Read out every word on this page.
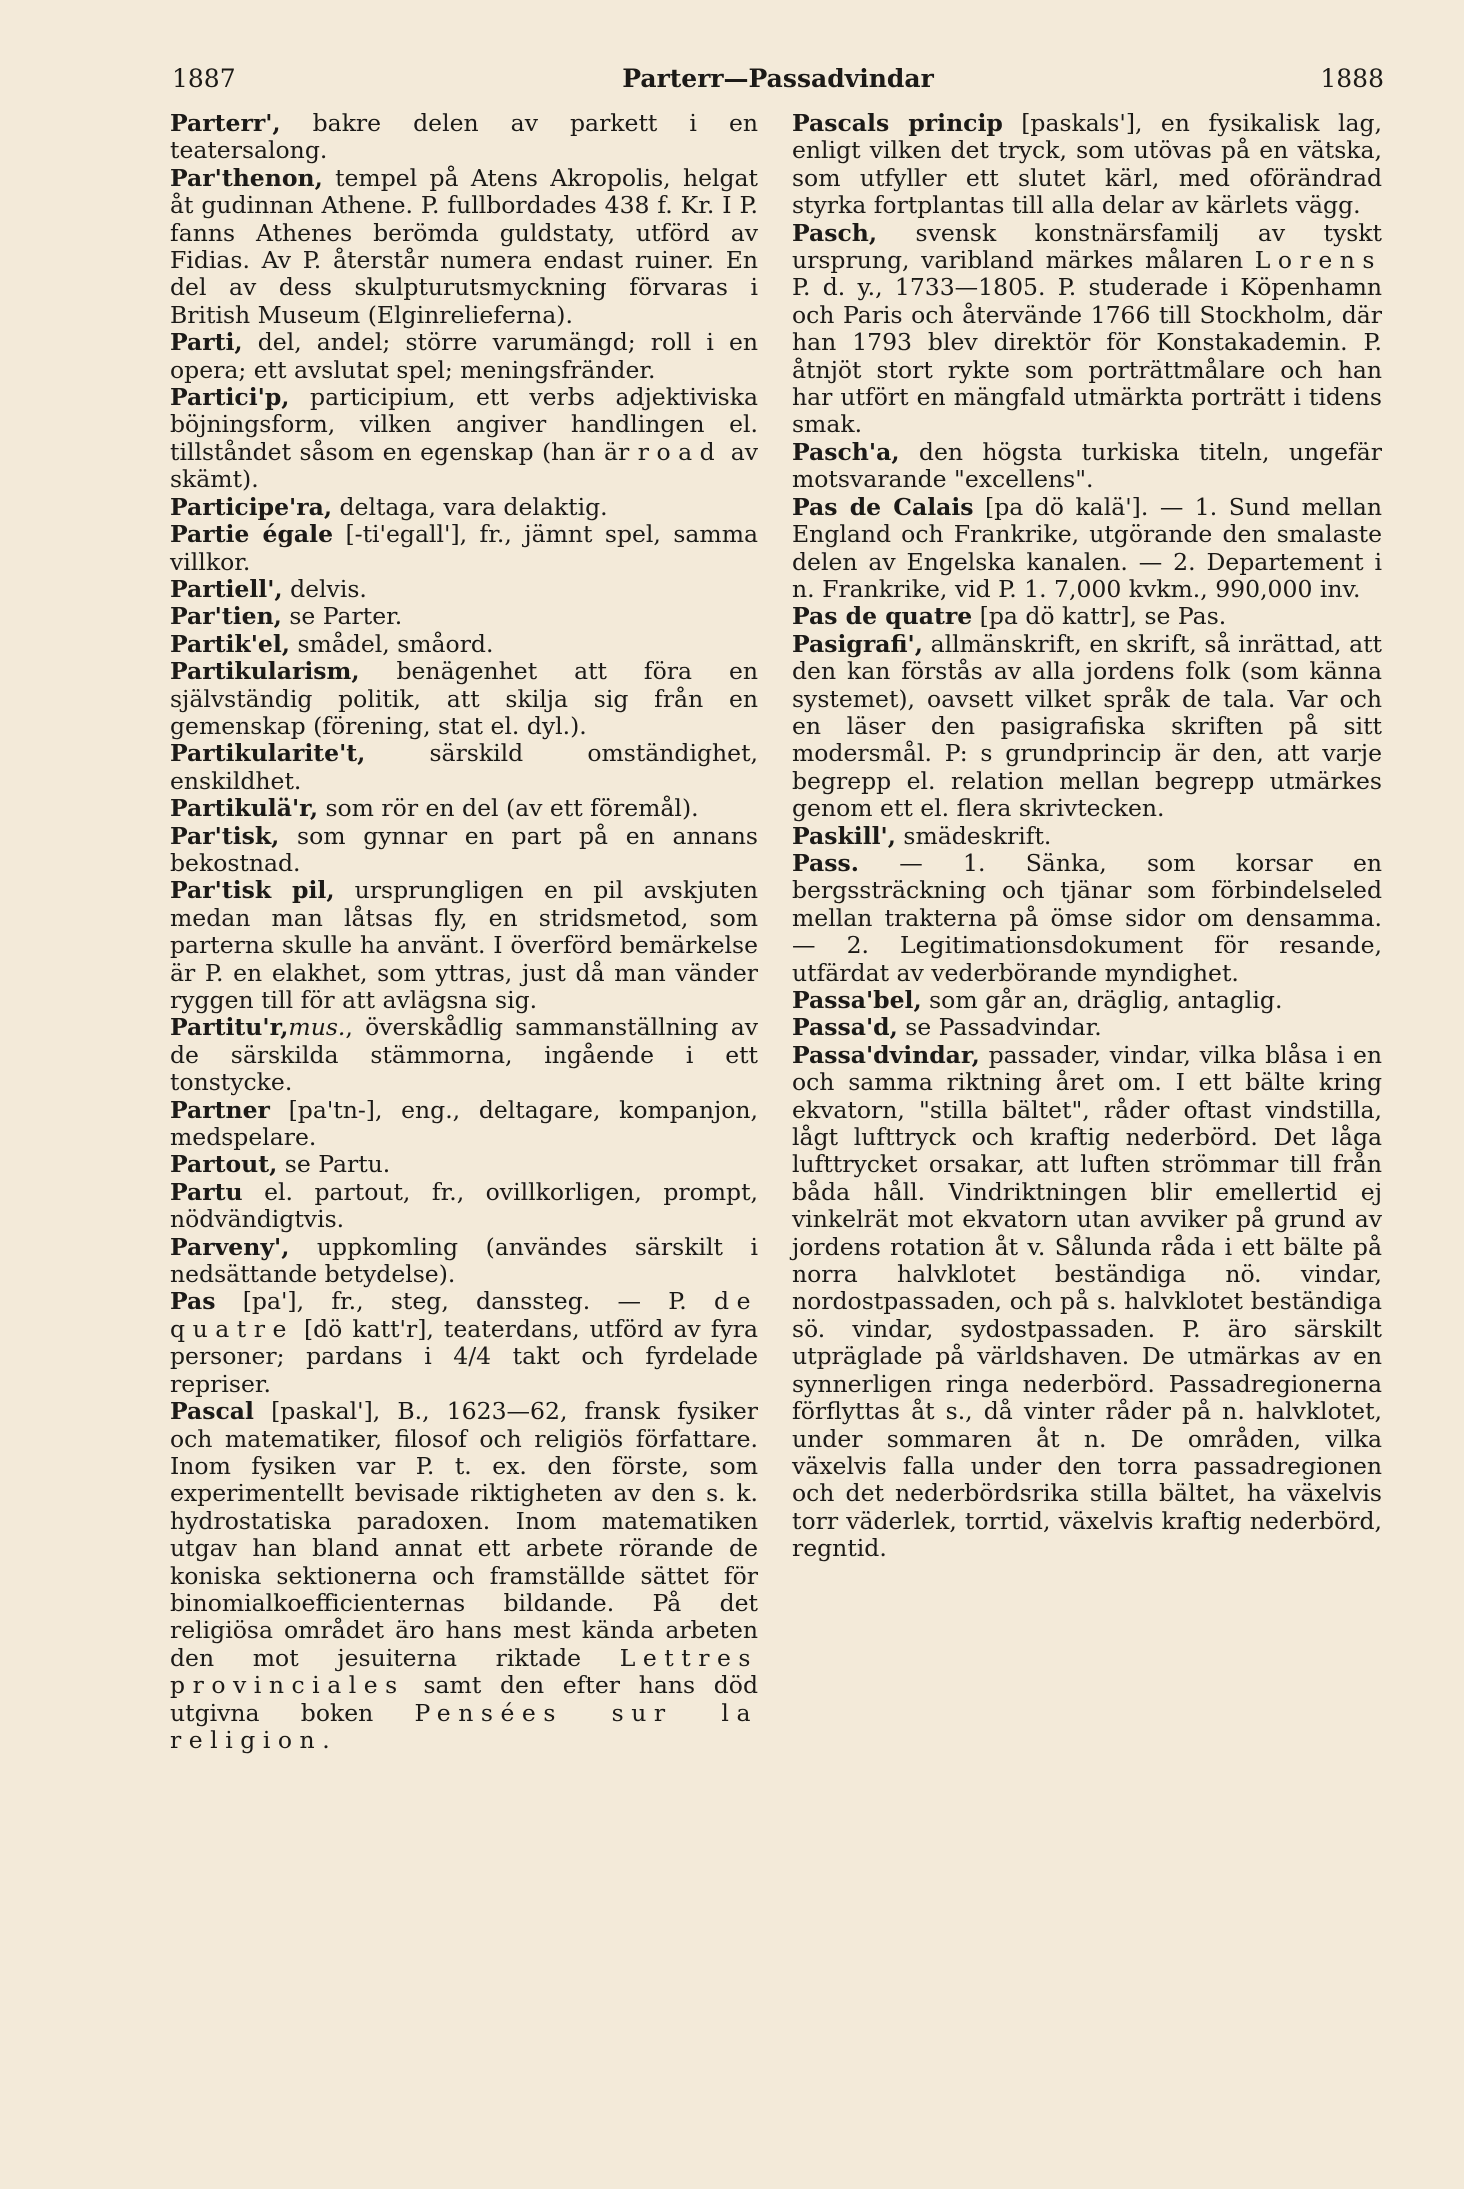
1887	Parterr—Passadvindar	1888

Parterr', bakre delen av parkett i en teatersalong.

Par'thenon, tempel på Atens Akropolis, helgat åt gudinnan Athene. P. fullbordades 438 f. Kr. I P. fanns Athenes berömda guldstaty, utförd av Fidias. Av P. återstår numera endast ruiner. En del av dess skulpturutsmyckning förvaras i British Museum (Elginrelieferna).

Parti, del, andel; större varumängd; roll i en opera; ett avslutat spel; meningsfränder.

Partici'p, participium, ett verbs adjektiviska böjningsform, vilken angiver handlingen el. tillståndet såsom en egenskap (han är road av skämt).

Participe'ra, deltaga, vara delaktig.

Partie égale [-ti'egall'], fr., jämnt spel, samma villkor.

Partiell', delvis.

Par'tien, se Parter.

Partik'el, smådel, småord.

Partikularism, benägenhet att föra en självständig politik, att skilja sig från en gemenskap (förening, stat el. dyl.).

Partikularite't, särskild omständighet, enskildhet.

Partikulä'r, som rör en del (av ett föremål).

Par'tisk, som gynnar en part på en annans bekostnad.

Par'tisk pil, ursprungligen en pil avskjuten medan man låtsas fly, en stridsmetod, som parterna skulle ha använt. I överförd bemärkelse är P. en elakhet, som yttras, just då man vänder ryggen till för att avlägsna sig.

Partitu'r,mus., överskådlig sammanställning av de särskilda stämmorna, ingående i ett tonstycke.

Partner [pa'tn-], eng., deltagare, kompanjon, medspelare.

Partout, se Partu.

Partu el. partout, fr., ovillkorligen, prompt, nödvändigtvis.

Parveny', uppkomling (användes särskilt i nedsättande betydelse).

Pas [pa'], fr., steg, danssteg. — P. de quatre [dö katt'r], teaterdans, utförd av fyra personer; pardans i 4/4 takt och fyrdelade repriser.

Pascal [paskal'], B., 1623—62, fransk fysiker och matematiker, filosof och religiös författare. Inom fysiken var P. t. ex. den förste, som experimentellt bevisade riktigheten av den s. k. hydrostatiska paradoxen. Inom matematiken utgav han bland annat ett arbete rörande de koniska sektionerna och framställde sättet för binomialkoefficienternas bildande. På det religiösa området äro hans mest kända arbeten den mot jesuiterna riktade Lettres provinciales samt den efter hans död utgivna boken Pensées sur la religion.

Pascals princip [paskals'], en fysikalisk lag, enligt vilken det tryck, som utövas på en vätska, som utfyller ett slutet kärl, med oförändrad styrka fortplantas till alla delar av kärlets vägg.

Pasch, svensk konstnärsfamilj av tyskt ursprung, varibland märkes målaren Lorens P. d. y., 1733—1805. P. studerade i Köpenhamn och Paris och återvände 1766 till Stockholm, där han 1793 blev direktör för Konstakademin. P. åtnjöt stort rykte som porträttmålare och han har utfört en mängfald utmärkta porträtt i tidens smak.

Pasch'a, den högsta turkiska titeln, ungefär motsvarande "excellens".

Pas de Calais [pa dö kalä']. — 1. Sund mellan England och Frankrike, utgörande den smalaste delen av Engelska kanalen. — 2. Departement i n. Frankrike, vid P. 1. 7,000 kvkm., 990,000 inv.

Pas de quatre [pa dö kattr], se Pas.

Pasigrafi', allmänskrift, en skrift, så inrättad, att den kan förstås av alla jordens folk (som känna systemet), oavsett vilket språk de tala. Var och en läser den pasigrafiska skriften på sitt modersmål. P: s grundprincip är den, att varje begrepp el. relation mellan begrepp utmärkes genom ett el. flera skrivtecken.

Paskill', smädeskrift.

Pass. — 1. Sänka, som korsar en bergssträckning och tjänar som förbindelseled mellan trakterna på ömse sidor om densamma. — 2. Legitimationsdokument för resande, utfärdat av vederbörande myndighet.

Passa'bel, som går an, dräglig, antaglig.

Passa'd, se Passadvindar.

Passa'dvindar, passader, vindar, vilka blåsa i en och samma riktning året om. I ett bälte kring ekvatorn, "stilla bältet", råder oftast vindstilla, lågt lufttryck och kraftig nederbörd. Det låga lufttrycket orsakar, att luften strömmar till från båda håll. Vindriktningen blir emellertid ej vinkelrät mot ekvatorn utan avviker på grund av jordens rotation åt v. Sålunda råda i ett bälte på norra halvklotet beständiga nö. vindar, nordostpassaden, och på s. halvklotet beständiga sö. vindar, sydostpassaden. P. äro särskilt utpräglade på världshaven. De utmärkas av en synnerligen ringa nederbörd. Passadregionerna förflyttas åt s., då vinter råder på n. halvklotet, under sommaren åt n. De områden, vilka växelvis falla under den torra passadregionen och det nederbördsrika stilla bältet, ha växelvis torr väderlek, torrtid, växelvis kraftig nederbörd, regntid.
